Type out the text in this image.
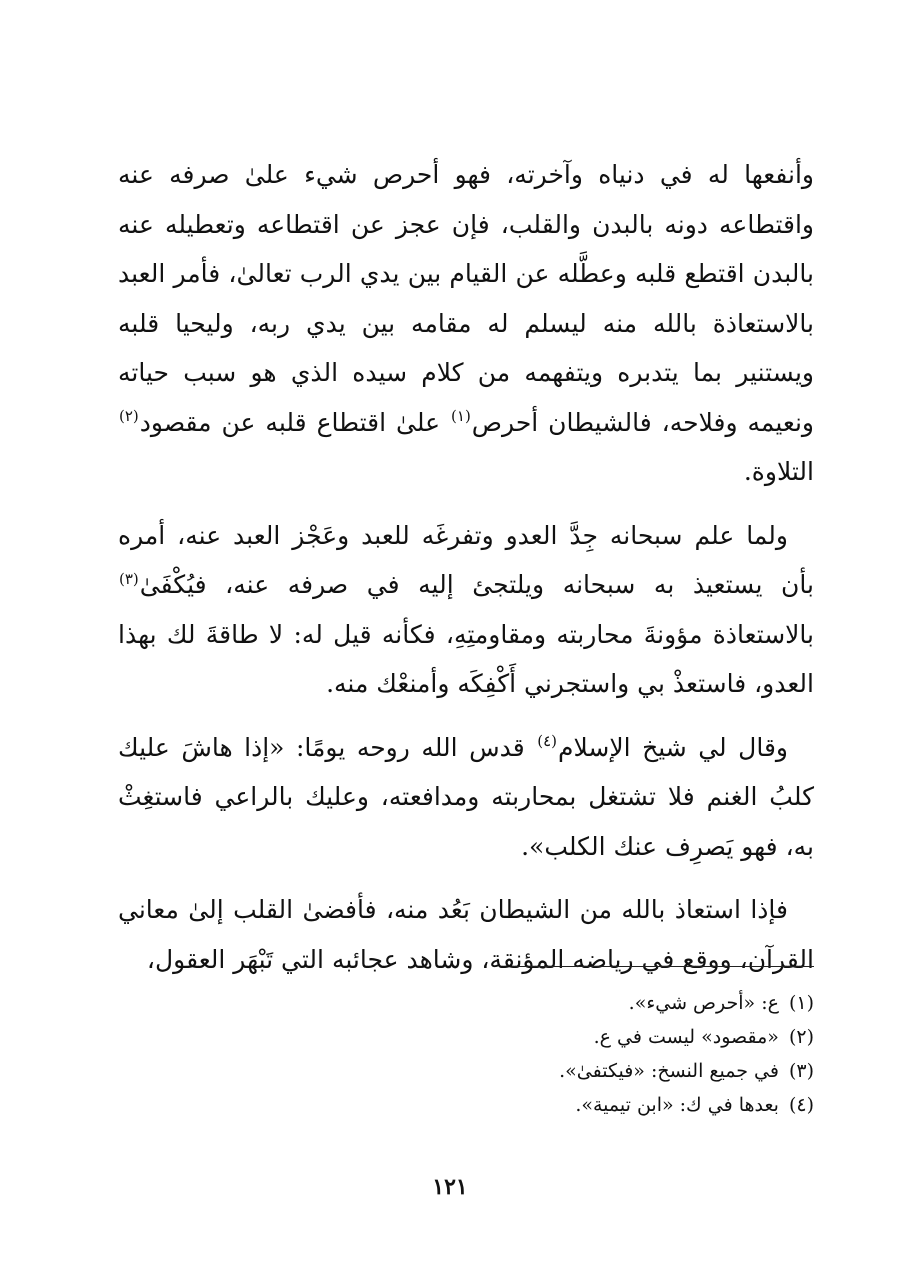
وأنفعها له في دنياه وآخرته، فهو أحرص شيء علىٰ صرفه عنه واقتطاعه دونه بالبدن والقلب، فإن عجز عن اقتطاعه وتعطيله عنه بالبدن اقتطع قلبه وعطَّله عن القيام بين يدي الرب تعالىٰ، فأمر العبد بالاستعاذة بالله منه ليسلم له مقامه بين يدي ربه، وليحيا قلبه ويستنير بما يتدبره ويتفهمه من كلام سيده الذي هو سبب حياته ونعيمه وفلاحه، فالشيطان أحرص$^{(١)}$ علىٰ اقتطاع قلبه عن مقصود$^{(٢)}$ التلاوة.

ولما علم سبحانه جِدَّ العدو وتفرغَه للعبد وعَجْز العبد عنه، أمره بأن يستعيذ به سبحانه ويلتجئ إليه في صرفه عنه، فيُكْفَىٰ$^{(٣)}$ بالاستعاذة مؤونةَ محاربته ومقاومتِهِ، فكأنه قيل له: لا طاقةَ لك بهذا العدو، فاستعذْ بي واستجرني أَكْفِكَه وأمنعْك منه.

وقال لي شيخ الإسلام$^{(٤)}$ قدس الله روحه يومًا: «إذا هاشَ عليك كلبُ الغنم فلا تشتغل بمحاربته ومدافعته، وعليك بالراعي فاستغِثْ به، فهو يَصرِف عنك الكلب».

فإذا استعاذ بالله من الشيطان بَعُد منه، فأفضىٰ القلب إلىٰ معاني القرآن، ووقع في رياضه المؤنقة، وشاهد عجائبه التي تَبْهَر العقول،

(١)ع: «أحرص شيء».
(٢)«مقصود» ليست في ع.
(٣)في جميع النسخ: «فيكتفىٰ».
(٤)بعدها في ك: «ابن تيمية».
١٢١
